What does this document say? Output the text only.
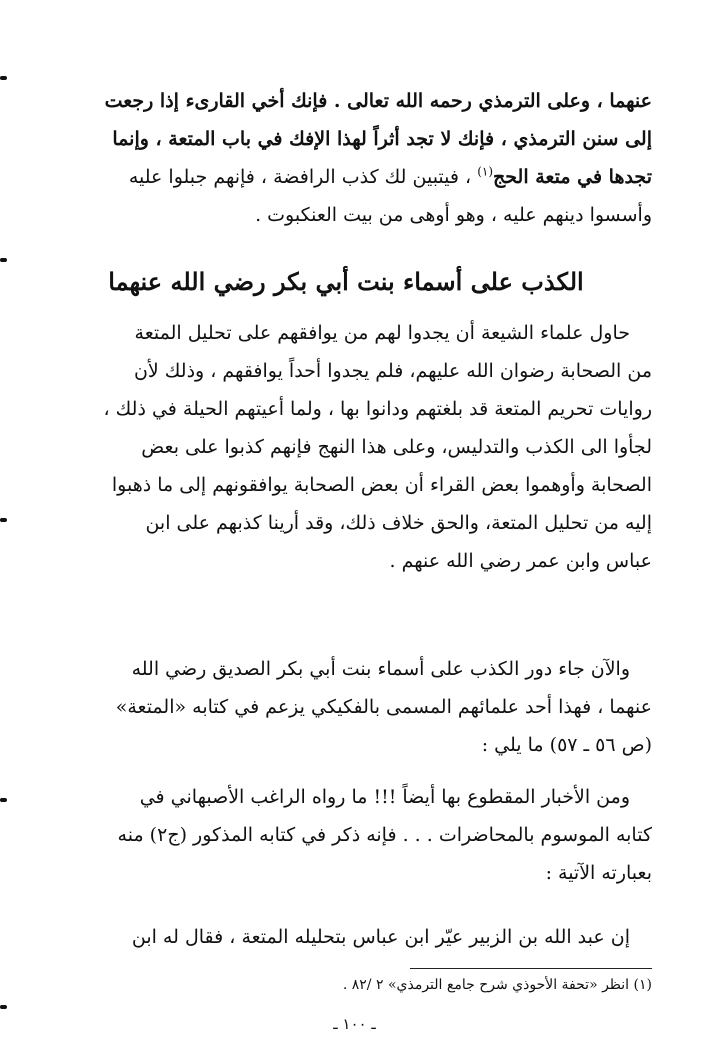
عنهما ، وعلى الترمذي رحمه الله تعالى . فإنك أخي القارىء إذا رجعت
إلى سنن الترمذي ، فإنك لا تجد أثراً لهذا الإفك في باب المتعة ، وإنما
تجدها في متعة الحج$^{(١)}$ ، فيتبين لك كذب الرافضة ، فإنهم جبلوا عليه
وأسسوا دينهم عليه ، وهو أوهى من بيت العنكبوت .
الكذب على أسماء بنت أبي بكر رضي الله عنهما
حاول علماء الشيعة أن يجدوا لهم من يوافقهم على تحليل المتعة
من الصحابة رضوان الله عليهم، فلم يجدوا أحداً يوافقهم ، وذلك لأن
روايات تحريم المتعة قد بلغتهم ودانوا بها ، ولما أعيتهم الحيلة في ذلك ،
لجأوا الى الكذب والتدليس، وعلى هذا النهج فإنهم كذبوا على بعض
الصحابة وأوهموا بعض القراء أن بعض الصحابة يوافقونهم إلى ما ذهبوا
إليه من تحليل المتعة، والحق خلاف ذلك، وقد أرينا كذبهم على ابن
عباس وابن عمر رضي الله عنهم .
والآن جاء دور الكذب على أسماء بنت أبي بكر الصديق رضي الله
عنهما ، فهذا أحد علمائهم المسمى بالفكيكي يزعم في كتابه «المتعة»
(ص ٥٦ ـ ٥٧) ما يلي :
ومن الأخبار المقطوع بها أيضاً !!! ما رواه الراغب الأصبهاني في
كتابه الموسوم بالمحاضرات . . . فإنه ذكر في كتابه المذكور (ج٢) منه
بعبارته الآتية :
إن عبد الله بن الزبير عيّر ابن عباس بتحليله المتعة ، فقال له ابن
(١) انظر «تحفة الأحوذي شرح جامع الترمذي» ٢ /٨٢ .
ـ ١٠٠ ـ
